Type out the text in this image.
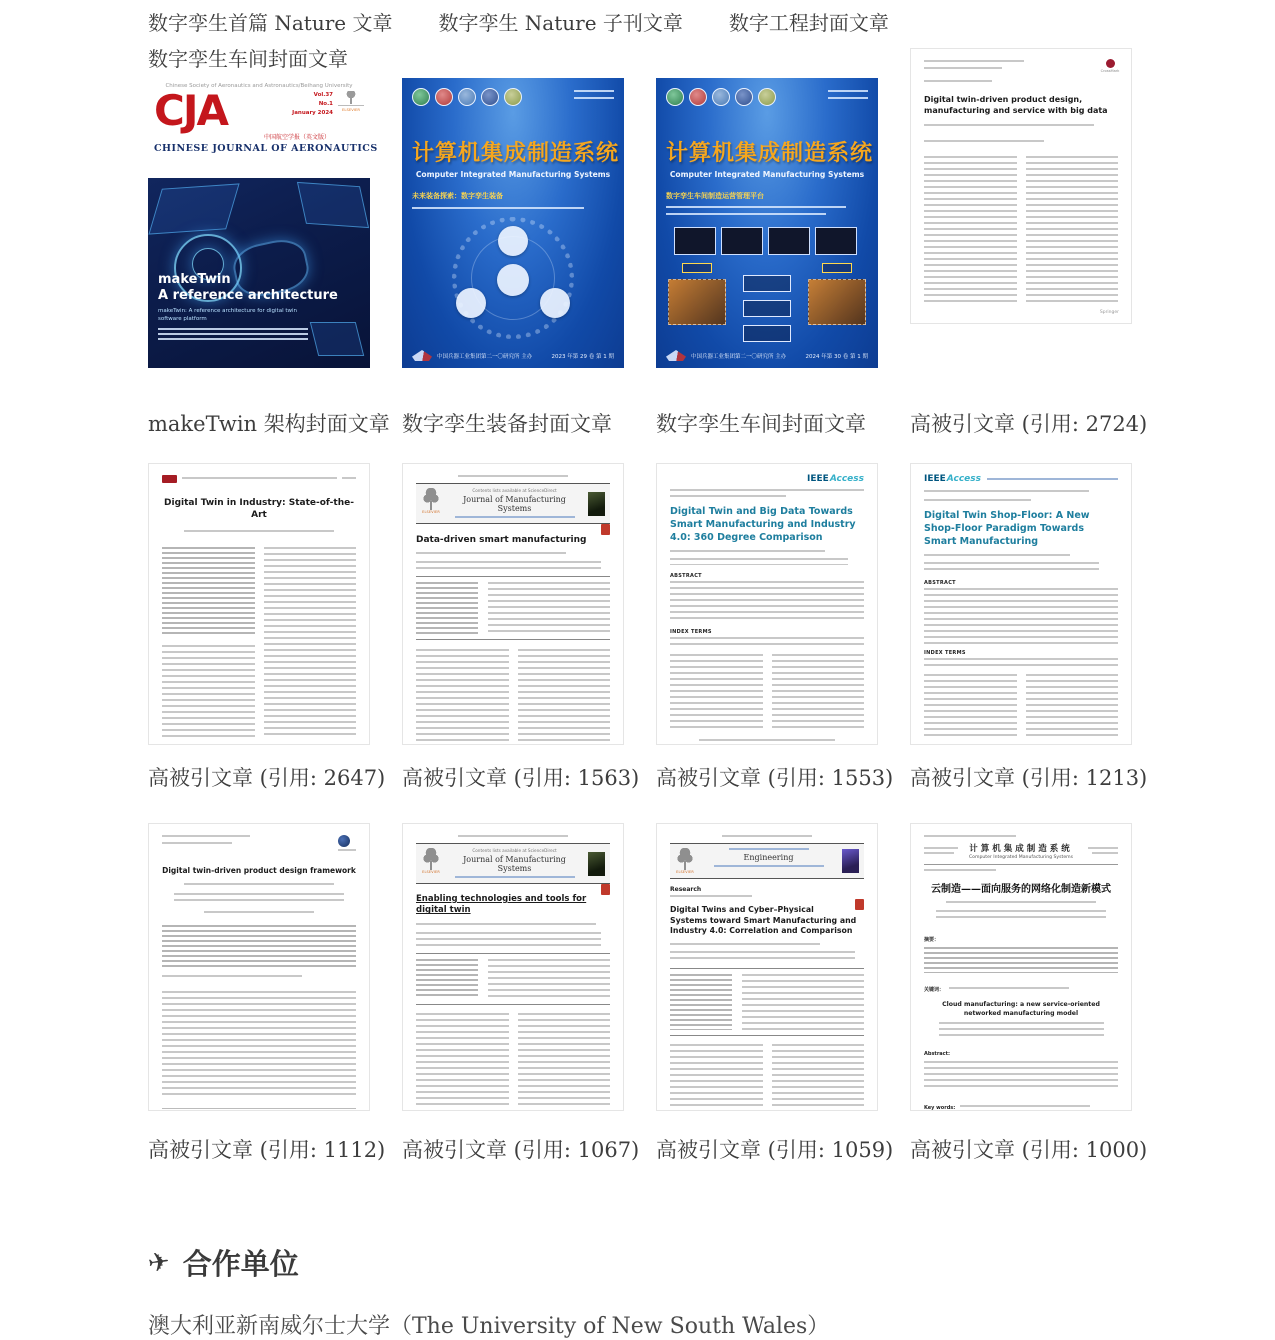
数字孪生首篇 Nature 文章 数字孪生 Nature 子刊文章 数字工程封面文章
数字孪生车间封面文章
Chinese Society of Aeronautics and Astronautics/Beihang University
CJA	Vol.37
No.1
January 2024
ELSEVIER
中国航空学报（英文版）
CHINESE JOURNAL OF AERONAUTICS
makeTwin
A reference architecture
makeTwin: A reference architecture for digital twin software platform
makeTwin 架构封面文章
计算机集成制造系统
Computer Integrated Manufacturing Systems
未来装备探索：数字孪生装备
中国兵器工业集团第二一〇研究所 主办	2023 年第 29 卷 第 1 期
数字孪生装备封面文章
计算机集成制造系统
Computer Integrated Manufacturing Systems
数字孪生车间制造运营管理平台
中国兵器工业集团第二一〇研究所 主办	2024 年第 30 卷 第 1 期
数字孪生车间封面文章
CrossMark
Digital twin-driven product design, manufacturing and service with big data
Springer
高被引文章 (引用: 2724)
Digital Twin in Industry: State-of-the-Art
高被引文章 (引用: 2647)
ELSEVIER
Contents lists available at ScienceDirect
Journal of Manufacturing Systems
Data-driven smart manufacturing
高被引文章 (引用: 1563)
IEEEAccess
Digital Twin and Big Data Towards Smart Manufacturing and Industry 4.0: 360 Degree Comparison
ABSTRACT
INDEX TERMS
高被引文章 (引用: 1553)
IEEEAccess
Digital Twin Shop-Floor: A New Shop-Floor Paradigm Towards Smart Manufacturing
ABSTRACT
INDEX TERMS
高被引文章 (引用: 1213)
Digital twin-driven product design framework
高被引文章 (引用: 1112)
ELSEVIER
Contents lists available at ScienceDirect
Journal of Manufacturing Systems
Enabling technologies and tools for digital twin
高被引文章 (引用: 1067)
ELSEVIER
Engineering
Research
Digital Twins and Cyber–Physical Systems toward Smart Manufacturing and Industry 4.0: Correlation and Comparison
高被引文章 (引用: 1059)
计算机集成制造系统
Computer Integrated Manufacturing Systems
云制造——面向服务的网络化制造新模式
摘要：
关键词：
Cloud manufacturing: a new service-oriented networked manufacturing model
Abstract:
Key words:
高被引文章 (引用: 1000)
✈ 合作单位
澳大利亚新南威尔士大学（The University of New South Wales）
